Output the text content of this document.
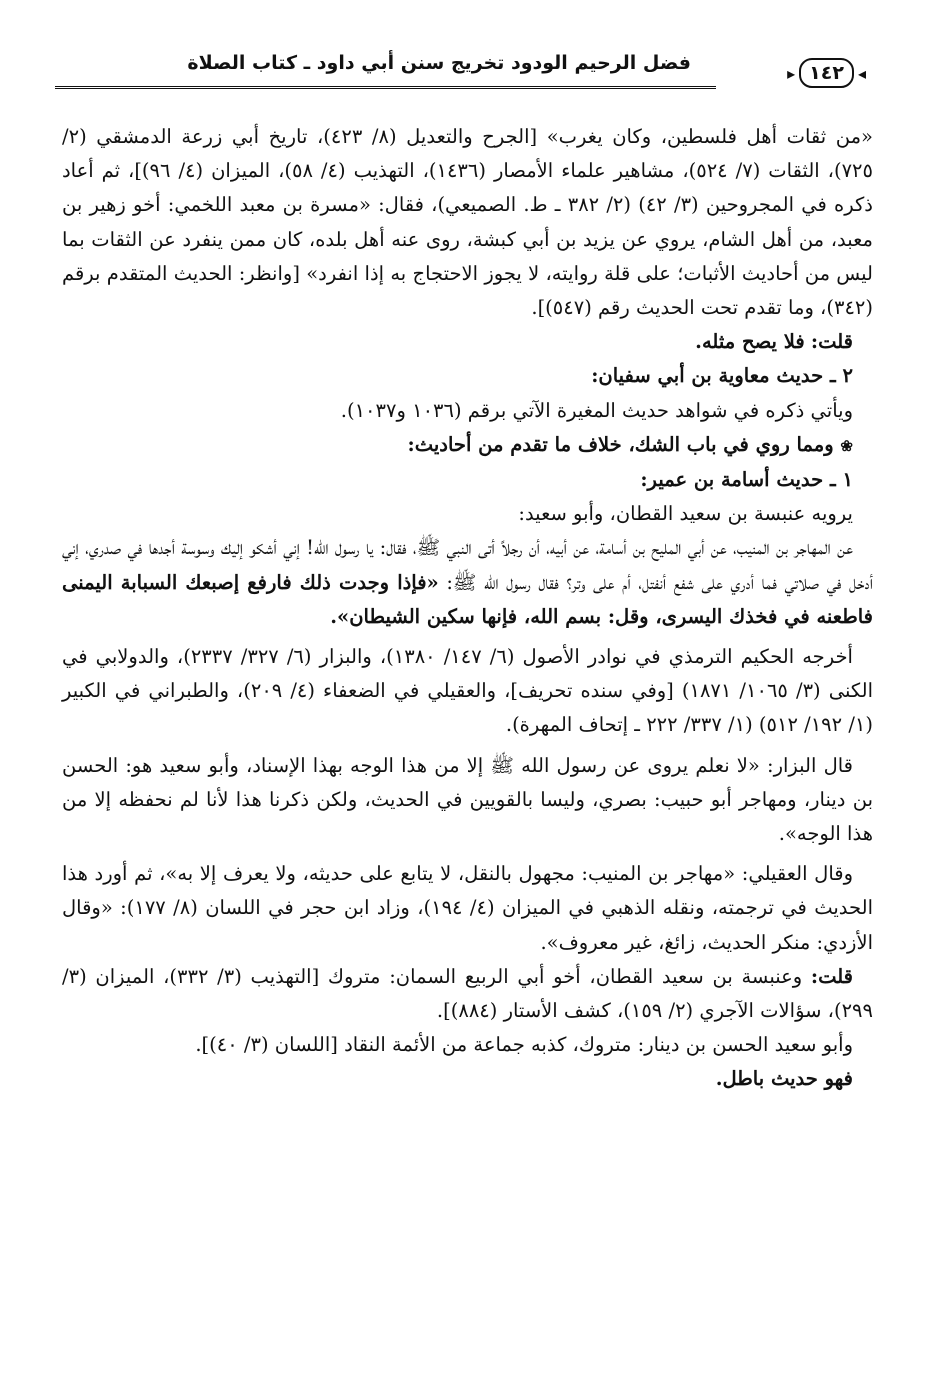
◂
١٤٢
▸
فضل الرحيم الودود تخريج سنن أبي داود ـ كتاب الصلاة

«من ثقات أهل فلسطين، وكان يغرب» [الجرح والتعديل (٨/ ٤٢٣)، تاريخ أبي زرعة الدمشقي (٢/ ٧٢٥)، الثقات (٧/ ٥٢٤)، مشاهير علماء الأمصار (١٤٣٦)، التهذيب (٤/ ٥٨)، الميزان (٤/ ٩٦)]، ثم أعاد ذكره في المجروحين (٣/ ٤٢) (٢/ ٣٨٢ ـ ط. الصميعي)، فقال: «مسرة بن معبد اللخمي: أخو زهير بن معبد، من أهل الشام، يروي عن يزيد بن أبي كبشة، روى عنه أهل بلده، كان ممن ينفرد عن الثقات بما ليس من أحاديث الأثبات؛ على قلة روايته، لا يجوز الاحتجاج به إذا انفرد» [وانظر: الحديث المتقدم برقم (٣٤٢)، وما تقدم تحت الحديث رقم (٥٤٧)].

قلت: فلا يصح مثله.

٢ ـ حديث معاوية بن أبي سفيان:

ويأتي ذكره في شواهد حديث المغيرة الآتي برقم (١٠٣٦ و١٠٣٧).

❀ ومما روي في باب الشك، خلاف ما تقدم من أحاديث:

١ ـ حديث أسامة بن عمير:

يرويه عنبسة بن سعيد القطان، وأبو سعيد:

عن المهاجر بن المنيب، عن أبي المليح بن أسامة، عن أبيه، أن رجلاً أتى النبي ﷺ، فقال: يا رسول الله! إني أشكو إليك وسوسة أجدها في صدري، إني أدخل في صلاتي فما أدري على شفع أنفتل، أم على وتر؟ فقال رسول الله ﷺ: «فإذا وجدت ذلك فارفع إصبعك السبابة اليمنى فاطعنه في فخذك اليسرى، وقل: بسم الله، فإنها سكين الشيطان».

أخرجه الحكيم الترمذي في نوادر الأصول (٦/ ١٤٧/ ١٣٨٠)، والبزار (٦/ ٣٢٧/ ٢٣٣٧)، والدولابي في الكنى (٣/ ١٠٦٥/ ١٨٧١) [وفي سنده تحريف]، والعقيلي في الضعفاء (٤/ ٢٠٩)، والطبراني في الكبير (١/ ١٩٢/ ٥١٢) (١/ ٣٣٧/ ٢٢٢ ـ إتحاف المهرة).

قال البزار: «لا نعلم يروى عن رسول الله ﷺ إلا من هذا الوجه بهذا الإسناد، وأبو سعيد هو: الحسن بن دينار، ومهاجر أبو حبيب: بصري، وليسا بالقويين في الحديث، ولكن ذكرنا هذا لأنا لم نحفظه إلا من هذا الوجه».

وقال العقيلي: «مهاجر بن المنيب: مجهول بالنقل، لا يتابع على حديثه، ولا يعرف إلا به»، ثم أورد هذا الحديث في ترجمته، ونقله الذهبي في الميزان (٤/ ١٩٤)، وزاد ابن حجر في اللسان (٨/ ١٧٧): «وقال الأزدي: منكر الحديث، زائغ، غير معروف».

قلت: وعنبسة بن سعيد القطان، أخو أبي الربيع السمان: متروك [التهذيب (٣/ ٣٣٢)، الميزان (٣/ ٢٩٩)، سؤالات الآجري (٢/ ١٥٩)، كشف الأستار (٨٨٤)].

وأبو سعيد الحسن بن دينار: متروك، كذبه جماعة من الأئمة النقاد [اللسان (٣/ ٤٠)].

فهو حديث باطل.
